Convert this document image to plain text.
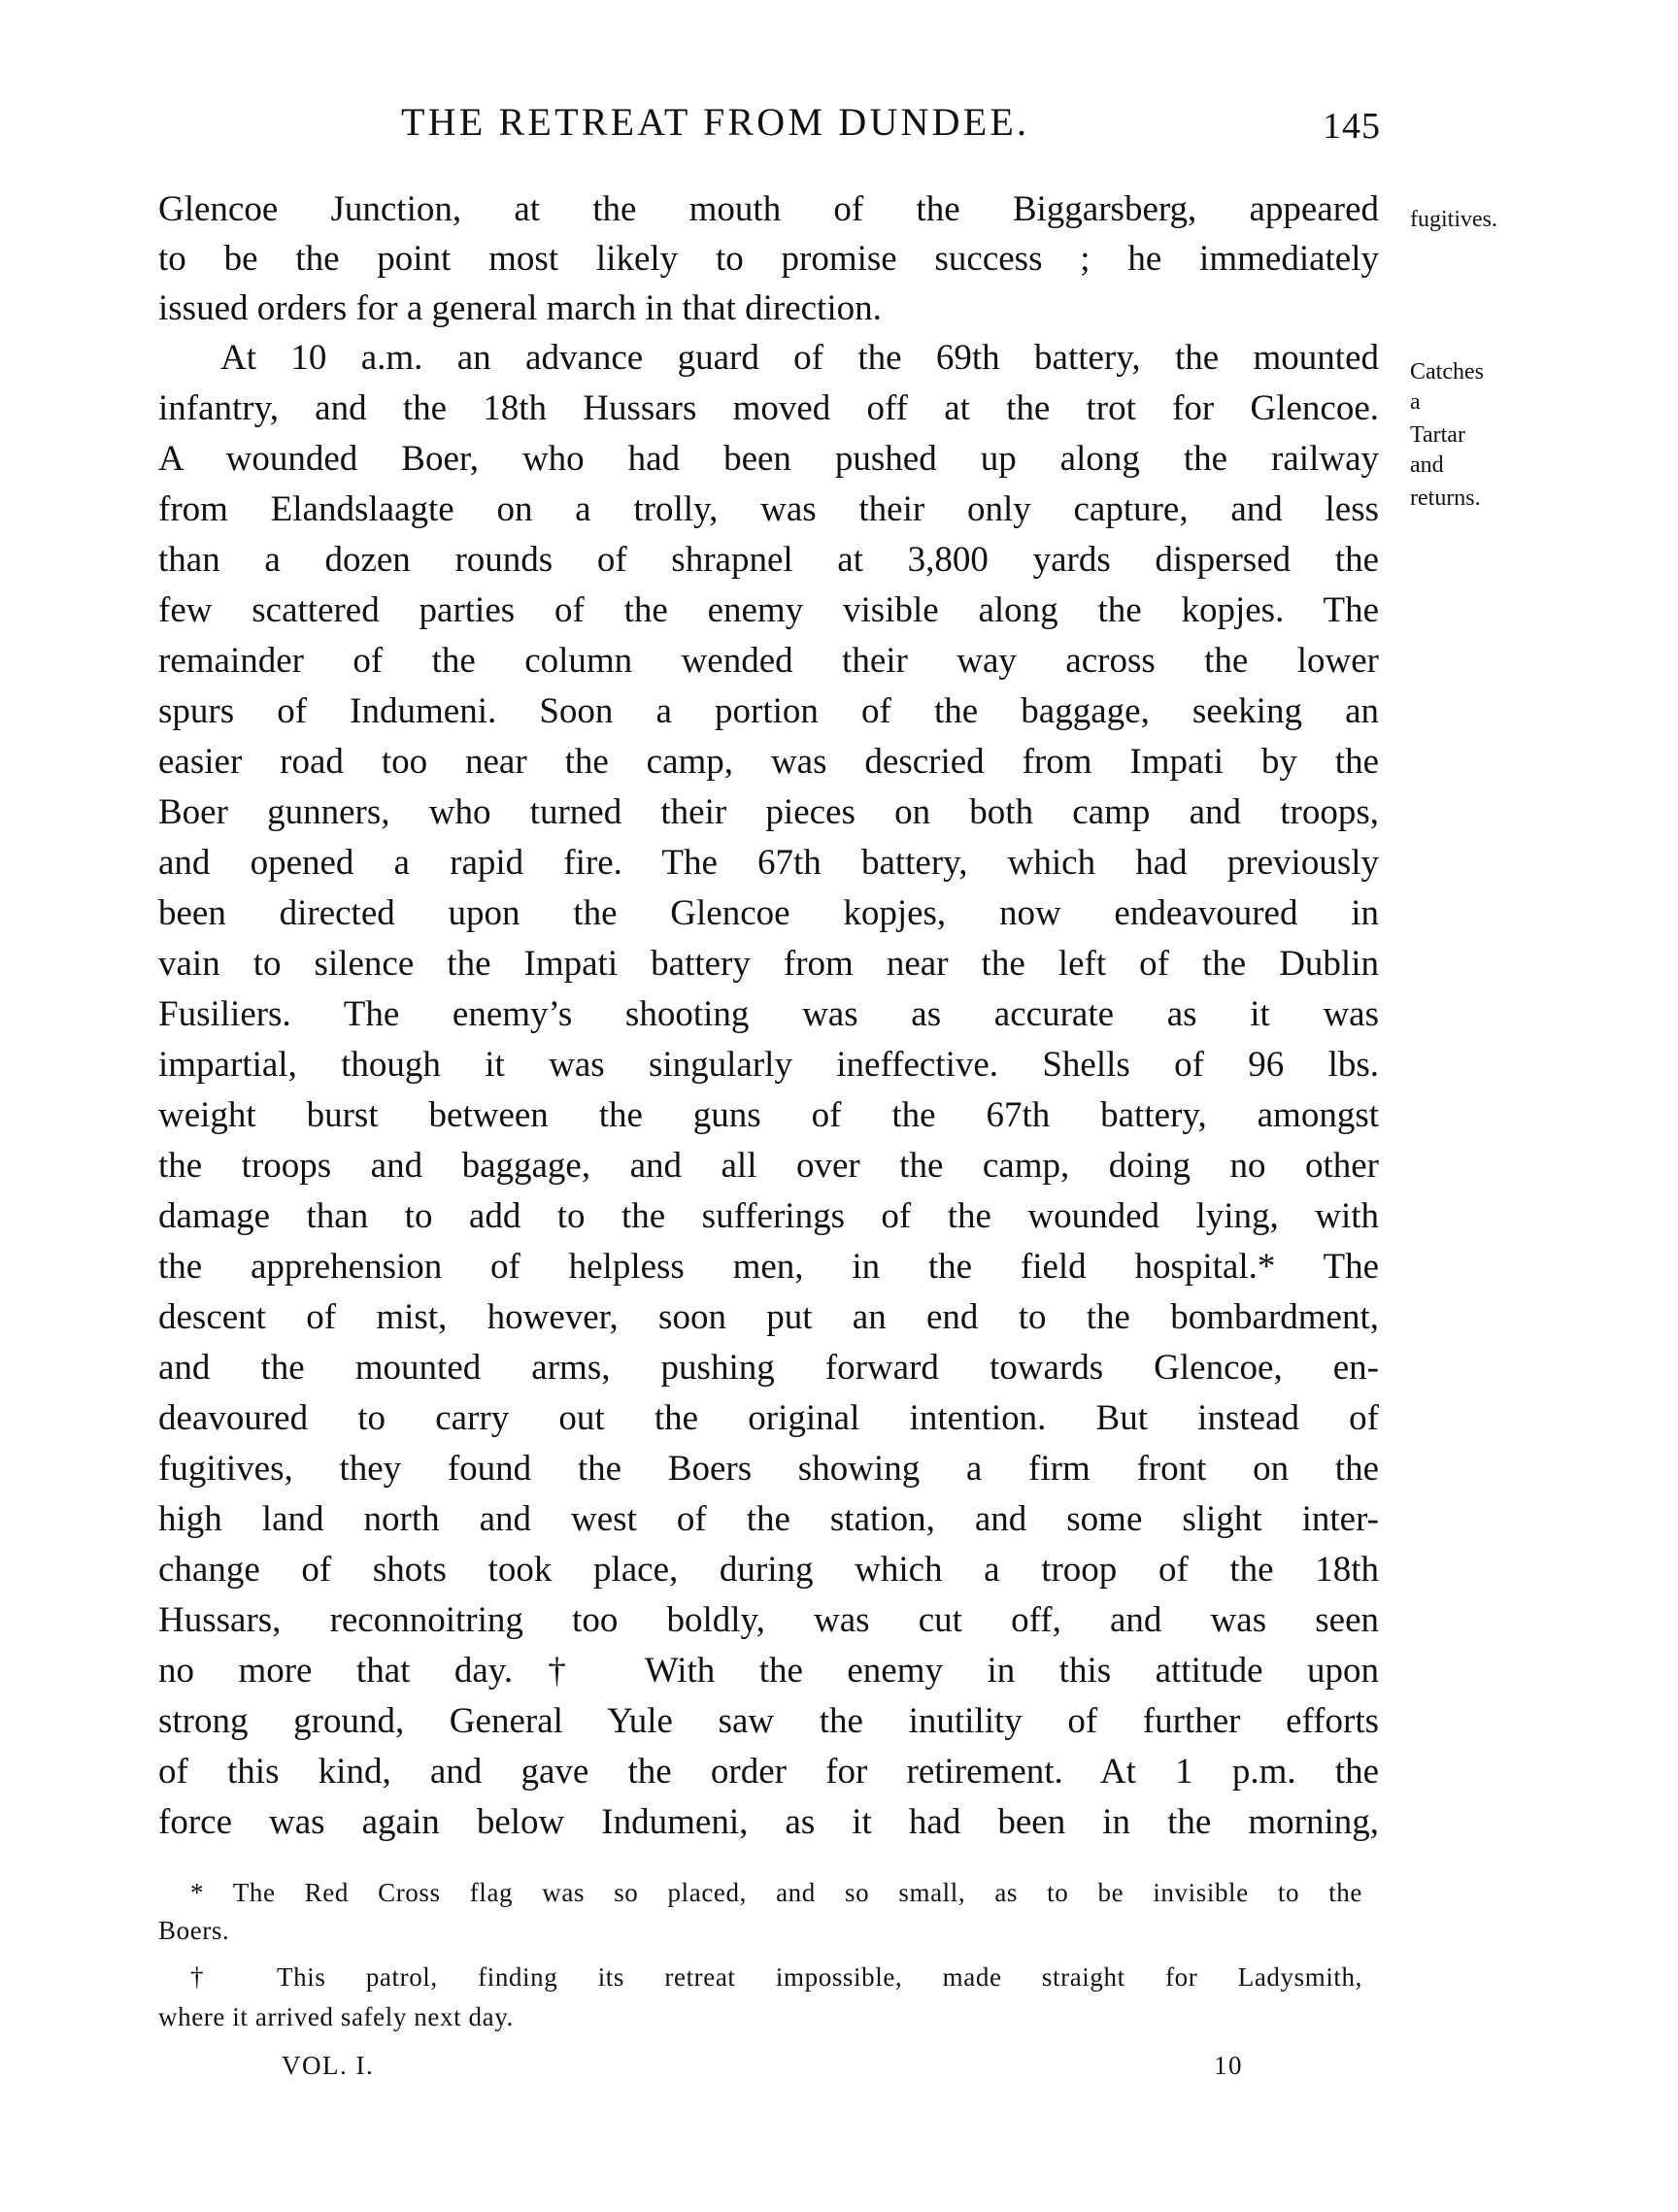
THE RETREAT FROM DUNDEE.	145
Glencoe Junction, at the mouth of the Biggarsberg, appeared
to be the point most likely to promise success ; he immediately
issued orders for a general march in that direction.
At 10 a.m. an advance guard of the 69th battery, the mounted
infantry, and the 18th Hussars moved off at the trot for Glencoe.
A wounded Boer, who had been pushed up along the railway
from Elandslaagte on a trolly, was their only capture, and less
than a dozen rounds of shrapnel at 3,800 yards dispersed the
few scattered parties of the enemy visible along the kopjes. The
remainder of the column wended their way across the lower
spurs of Indumeni. Soon a portion of the baggage, seeking an
easier road too near the camp, was descried from Impati by the
Boer gunners, who turned their pieces on both camp and troops,
and opened a rapid fire. The 67th battery, which had previously
been directed upon the Glencoe kopjes, now endeavoured in
vain to silence the Impati battery from near the left of the Dublin
Fusiliers. The enemy’s shooting was as accurate as it was
impartial, though it was singularly ineffective. Shells of 96 lbs.
weight burst between the guns of the 67th battery, amongst
the troops and baggage, and all over the camp, doing no other
damage than to add to the sufferings of the wounded lying, with
the apprehension of helpless men, in the field hospital.* The
descent of mist, however, soon put an end to the bombardment,
and the mounted arms, pushing forward towards Glencoe, en-
deavoured to carry out the original intention. But instead of
fugitives, they found the Boers showing a firm front on the
high land north and west of the station, and some slight inter-
change of shots took place, during which a troop of the 18th
Hussars, reconnoitring too boldly, was cut off, and was seen
no more that day.† With the enemy in this attitude upon
strong ground, General Yule saw the inutility of further efforts
of this kind, and gave the order for retirement. At 1 p.m. the
force was again below Indumeni, as it had been in the morning,
fugitives.
Catches
a
Tartar
and
returns.
* The Red Cross flag was so placed, and so small, as to be invisible to the
Boers.
† This patrol, finding its retreat impossible, made straight for Ladysmith,
where it arrived safely next day.
VOL. I.	10
